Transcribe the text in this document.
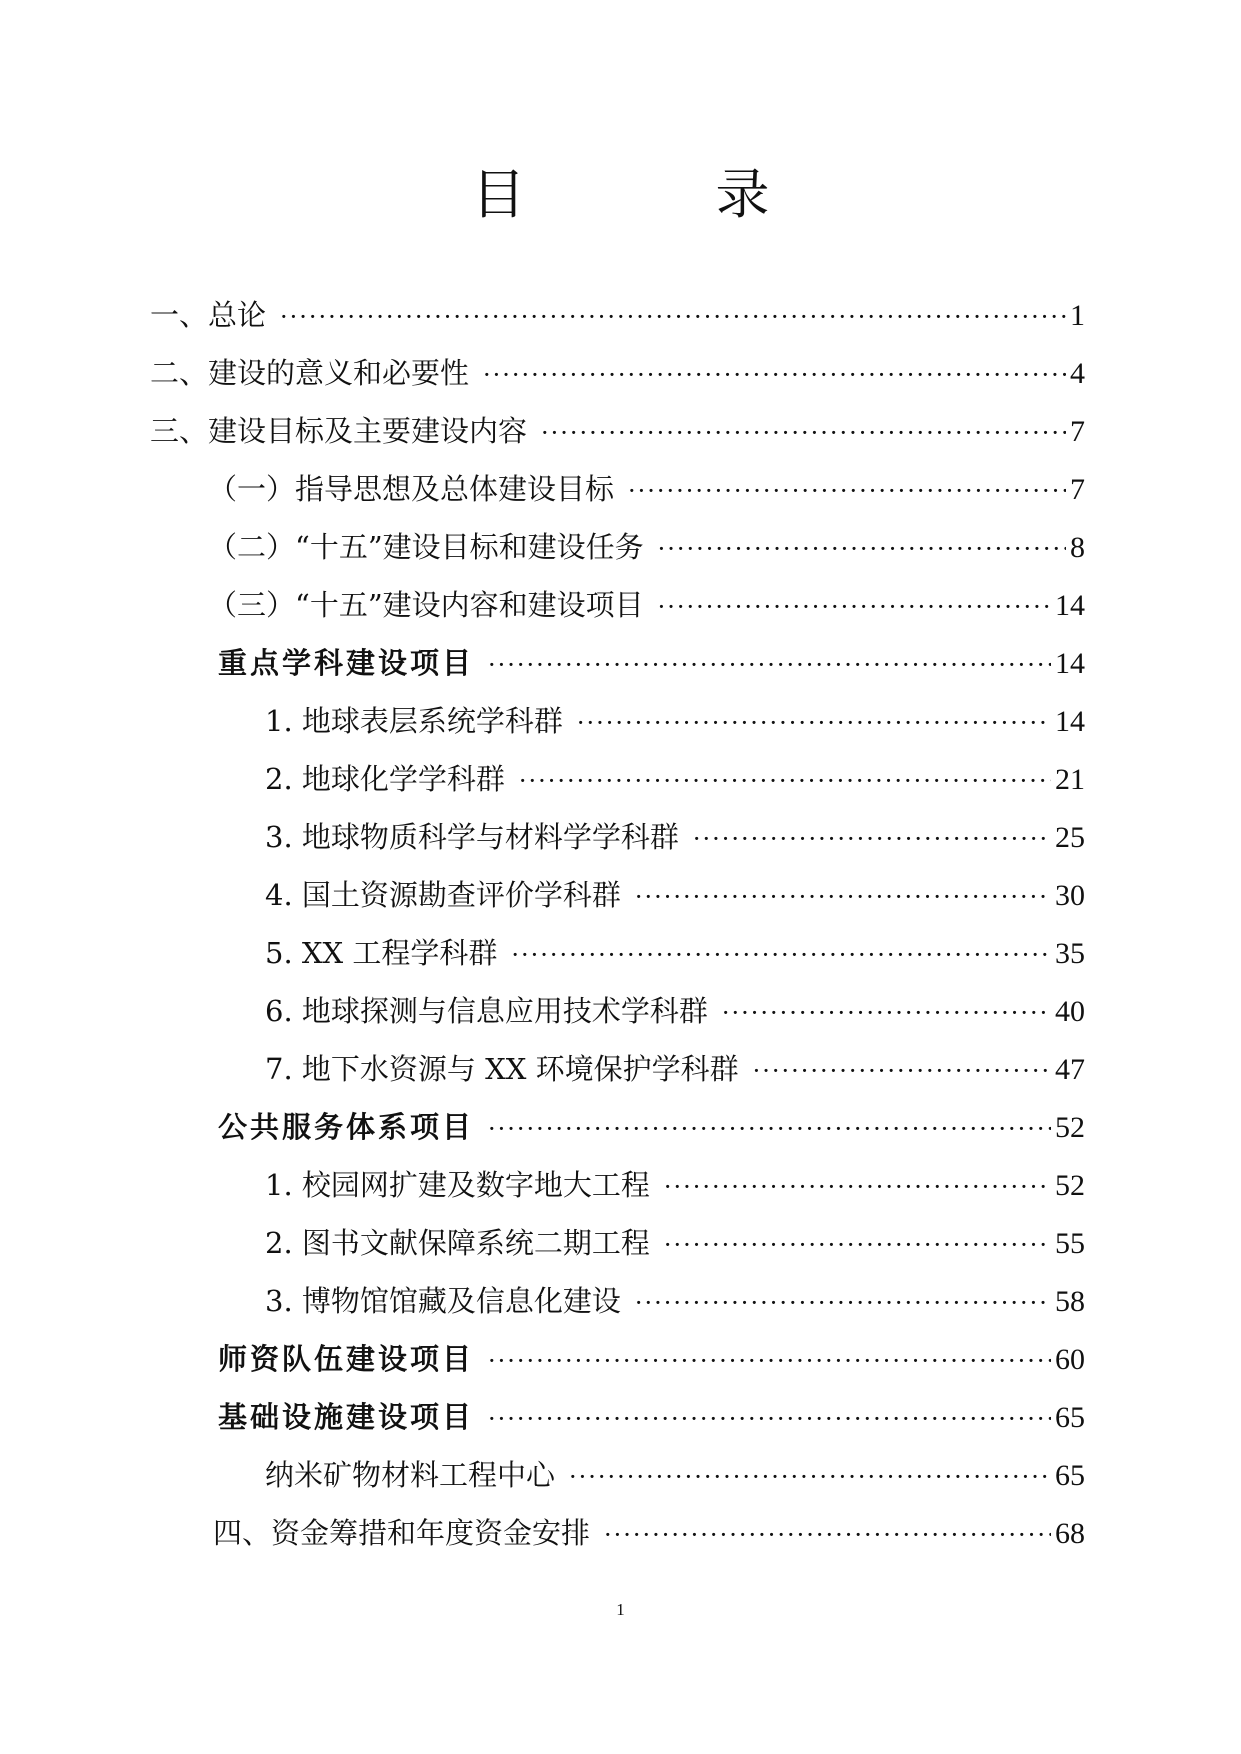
目　录
一、总论 ·····	1
二、建设的意义和必要性 ·····	4
三、建设目标及主要建设内容 ·····	7
（一）指导思想及总体建设目标 ·····	7
（二）“十五”建设目标和建设任务 ·····	8
（三）“十五”建设内容和建设项目 ·····	14
重点学科建设项目 ·····	14
1. 地球表层系统学科群 ·····	14
2. 地球化学学科群 ·····	21
3. 地球物质科学与材料学学科群 ·····	25
4. 国土资源勘查评价学科群 ·····	30
5. XX 工程学科群 ·····	35
6. 地球探测与信息应用技术学科群 ·····	40
7. 地下水资源与 XX 环境保护学科群 ·····	47
公共服务体系项目 ·····	52
1. 校园网扩建及数字地大工程 ·····	52
2. 图书文献保障系统二期工程 ·····	55
3. 博物馆馆藏及信息化建设 ·····	58
师资队伍建设项目 ·····	60
基础设施建设项目 ·····	65
纳米矿物材料工程中心 ·····	65
四、资金筹措和年度资金安排 ·····	68
1
